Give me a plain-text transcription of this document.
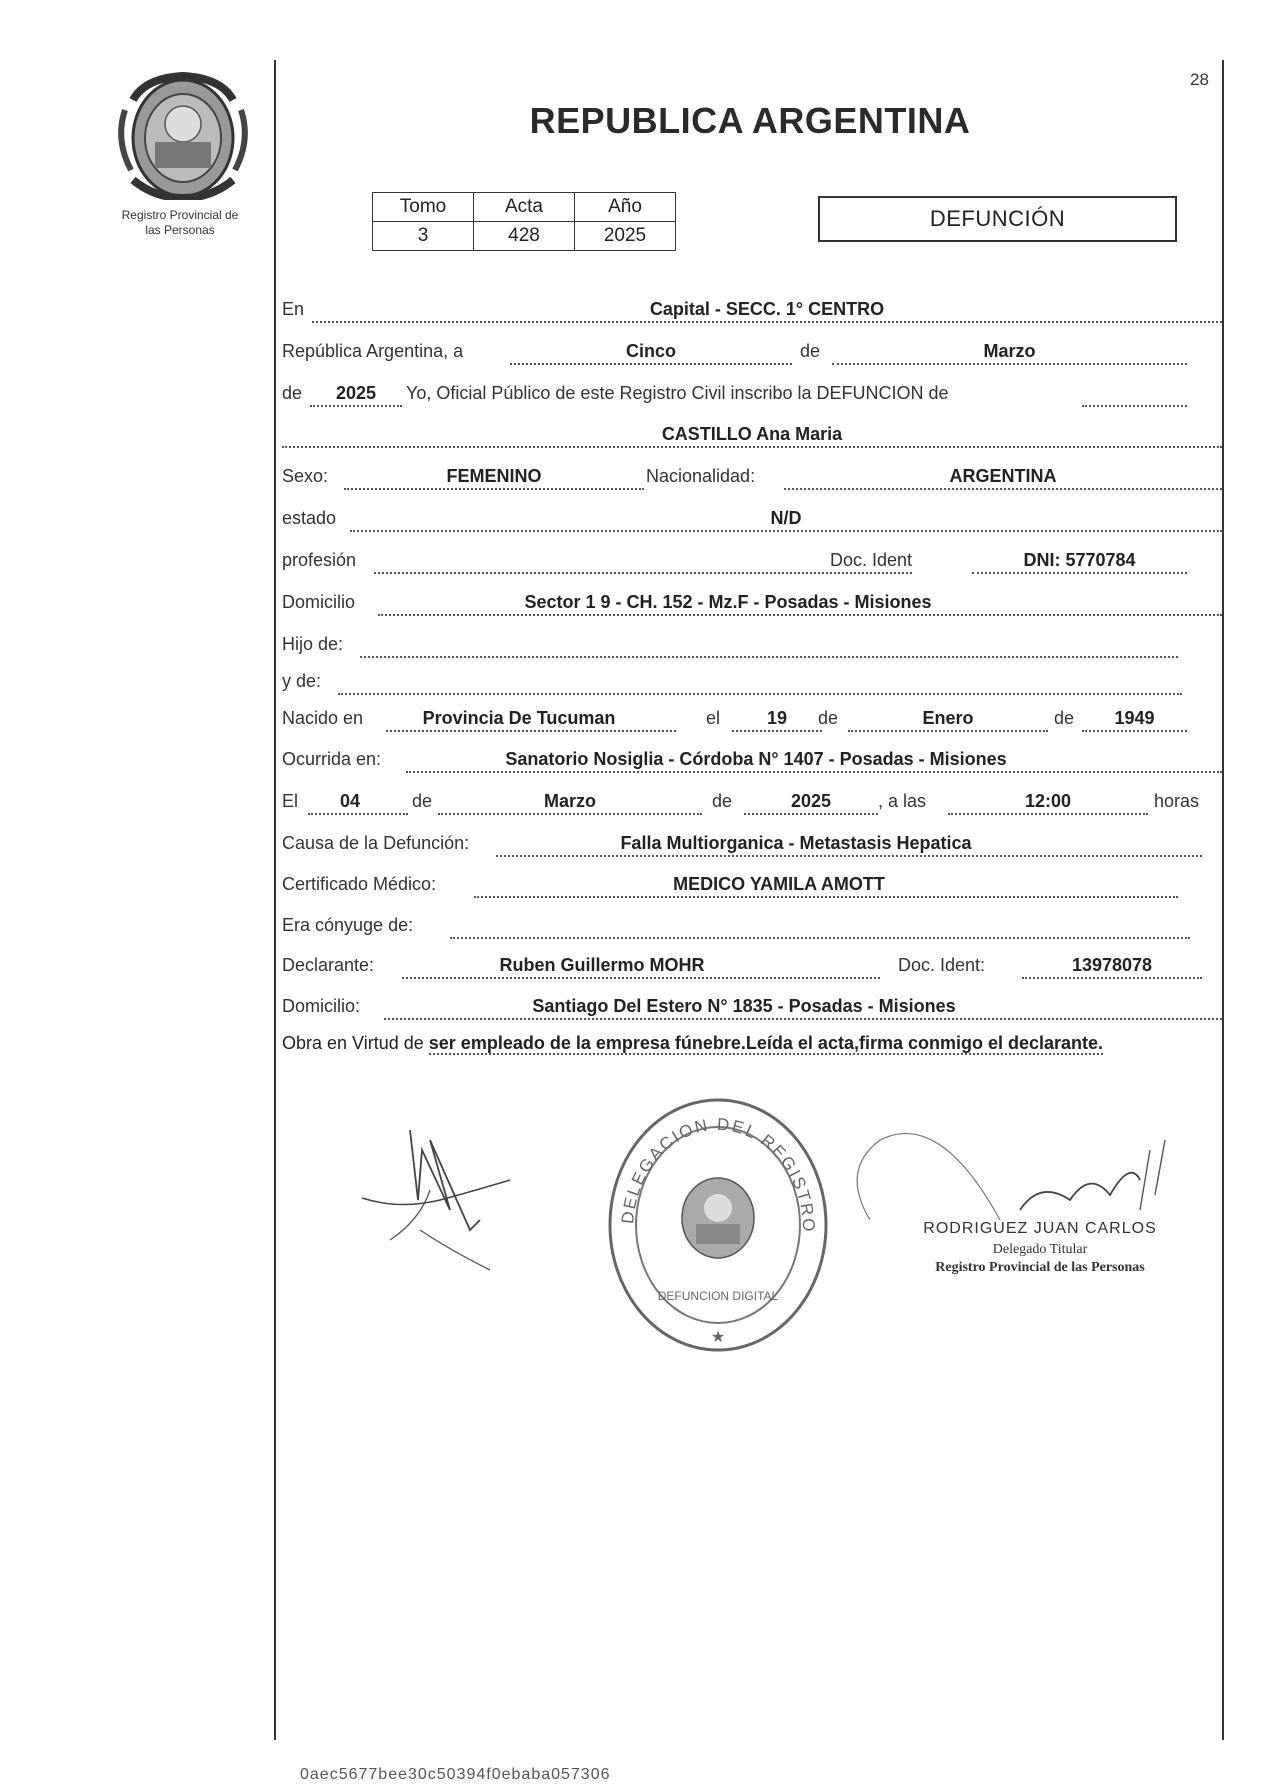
Registro Provincial de
las Personas
28
REPUBLICA ARGENTINA
Tomo	Acta	Año
3	428	2025
DEFUNCIÓN
En	Capital - SECC. 1° CENTRO
República Argentina, a	Cinco	de	Marzo
de	2025	Yo, Oficial Público de este Registro Civil inscribo la DEFUNCION de
CASTILLO Ana Maria
Sexo:	FEMENINO	Nacionalidad:	ARGENTINA
estado	N/D
profesión	Doc. Ident	DNI: 5770784
Domicilio	Sector 1 9 - CH. 152 - Mz.F - Posadas - Misiones
Hijo de:
y de:
Nacido en	Provincia De Tucuman	el	19	de	Enero	de	1949
Ocurrida en:	Sanatorio Nosiglia - Córdoba N° 1407 - Posadas - Misiones
El	04	de	Marzo	de	2025	, a las	12:00	horas
Causa de la Defunción:	Falla Multiorganica - Metastasis Hepatica
Certificado Médico:	MEDICO YAMILA AMOTT
Era cónyuge de:
Declarante:	Ruben Guillermo MOHR	Doc. Ident:	13978078
Domicilio:	Santiago Del Estero N° 1835 - Posadas - Misiones
Obra en Virtud de ser empleado de la empresa fúnebre.Leída el acta,firma conmigo el declarante.
DELEGACION DEL REGISTRO
DEFUNCION DIGITAL
★
RODRIGUEZ JUAN CARLOS
Delegado Titular
Registro Provincial de las Personas
0aec5677bee30c50394f0ebaba057306
